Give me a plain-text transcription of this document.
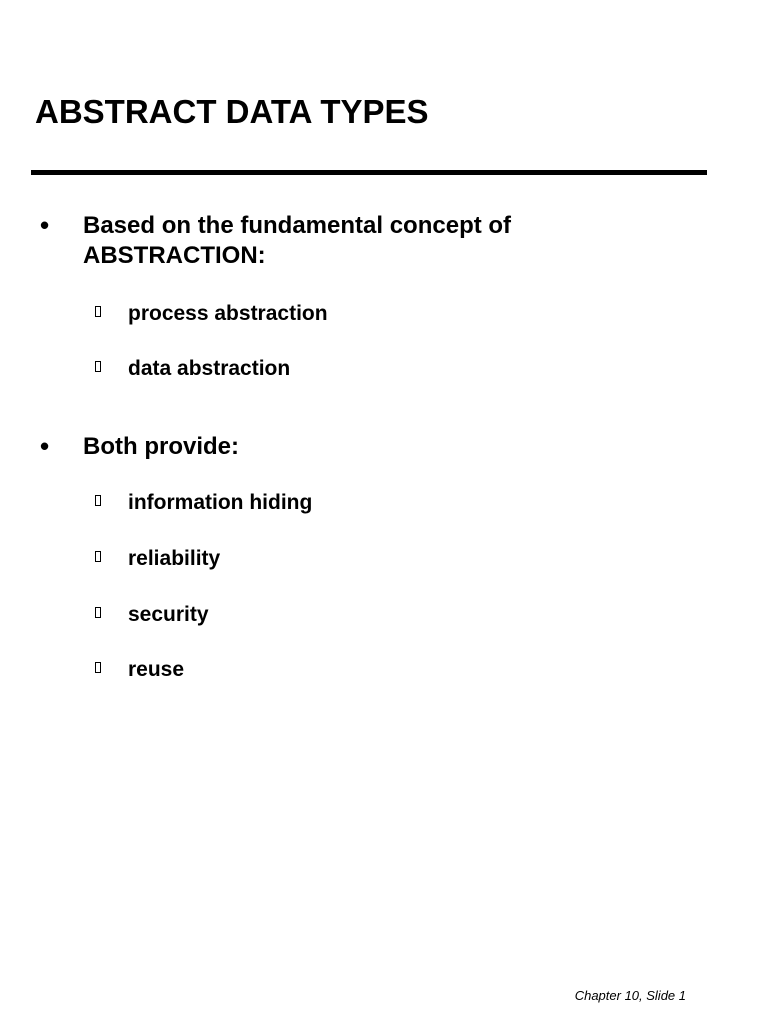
ABSTRACT DATA TYPES
• Based on the fundamental concept of
ABSTRACTION:
process abstraction
data abstraction
• Both provide:
information hiding
reliability
security
reuse
Chapter 10, Slide 1
